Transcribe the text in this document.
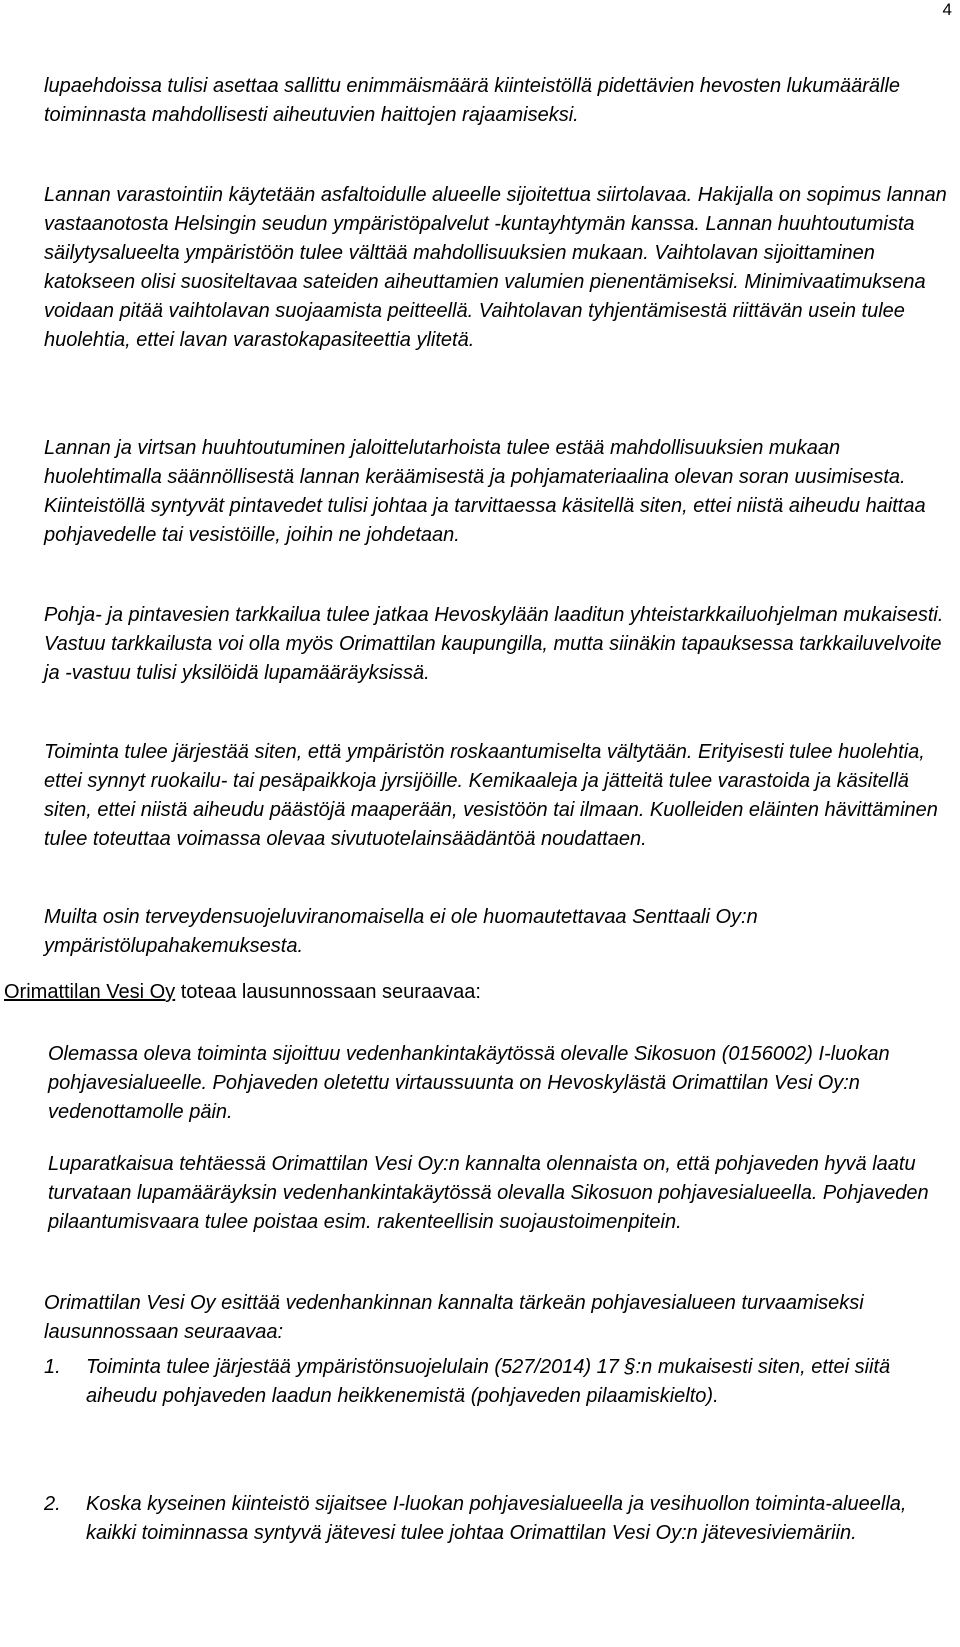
4

lupaehdoissa tulisi asettaa sallittu enimmäismäärä kiinteistöllä pidettävien hevosten lukumäärälle toiminnasta mahdollisesti aiheutuvien haittojen rajaamiseksi.

Lannan varastointiin käytetään asfaltoidulle alueelle sijoitettua siirtolavaa. Hakijalla on sopimus lannan vastaanotosta Helsingin seudun ympäristöpalvelut -kuntayhtymän kanssa. Lannan huuhtoutumista säilytysalueelta ympäristöön tulee välttää mahdollisuuksien mukaan. Vaihtolavan sijoittaminen katokseen olisi suositeltavaa sateiden aiheuttamien valumien pienentämiseksi. Minimivaatimuksena voidaan pitää vaihtolavan suojaamista peitteellä. Vaihtolavan tyhjentämisestä riittävän usein tulee huolehtia, ettei lavan varastokapasiteettia ylitetä.

Lannan ja virtsan huuhtoutuminen jaloittelutarhoista tulee estää mahdollisuuksien mukaan huolehtimalla säännöllisestä lannan keräämisestä ja pohjamateriaalina olevan soran uusimisesta. Kiinteistöllä syntyvät pintavedet tulisi johtaa ja tarvittaessa käsitellä siten, ettei niistä aiheudu haittaa pohjavedelle tai vesistöille, joihin ne johdetaan.

Pohja- ja pintavesien tarkkailua tulee jatkaa Hevoskylään laaditun yhteistarkkailuohjelman mukaisesti. Vastuu tarkkailusta voi olla myös Orimattilan kaupungilla, mutta siinäkin tapauksessa tarkkailuvelvoite ja -vastuu tulisi yksilöidä lupamääräyksissä.

Toiminta tulee järjestää siten, että ympäristön roskaantumiselta vältytään. Erityisesti tulee huolehtia, ettei synnyt ruokailu- tai pesäpaikkoja jyrsijöille. Kemikaaleja ja jätteitä tulee varastoida ja käsitellä siten, ettei niistä aiheudu päästöjä maaperään, vesistöön tai ilmaan. Kuolleiden eläinten hävittäminen tulee toteuttaa voimassa olevaa sivutuotelainsäädäntöä noudattaen.

Muilta osin terveydensuojeluviranomaisella ei ole huomautettavaa Senttaali Oy:n ympäristölupahakemuksesta.

Orimattilan Vesi Oy toteaa lausunnossaan seuraavaa:

Olemassa oleva toiminta sijoittuu vedenhankintakäytössä olevalle Sikosuon (0156002) I-luokan pohjavesialueelle. Pohjaveden oletettu virtaussuunta on Hevoskylästä Orimattilan Vesi Oy:n vedenottamolle päin.

Luparatkaisua tehtäessä Orimattilan Vesi Oy:n kannalta olennaista on, että pohjaveden hyvä laatu turvataan lupamääräyksin vedenhankintakäytössä olevalla Sikosuon pohjavesialueella. Pohjaveden pilaantumisvaara tulee poistaa esim. rakenteellisin suojaustoimenpitein.

Orimattilan Vesi Oy esittää vedenhankinnan kannalta tärkeän pohjavesialueen turvaamiseksi lausunnossaan seuraavaa:

1. Toiminta tulee järjestää ympäristönsuojelulain (527/2014) 17 §:n mukaisesti siten, ettei siitä aiheudu pohjaveden laadun heikkenemistä (pohjaveden pilaamiskielto).

2. Koska kyseinen kiinteistö sijaitsee I-luokan pohjavesialueella ja vesihuollon toiminta-alueella, kaikki toiminnassa syntyvä jätevesi tulee johtaa Orimattilan Vesi Oy:n jätevesiviemäriin.
